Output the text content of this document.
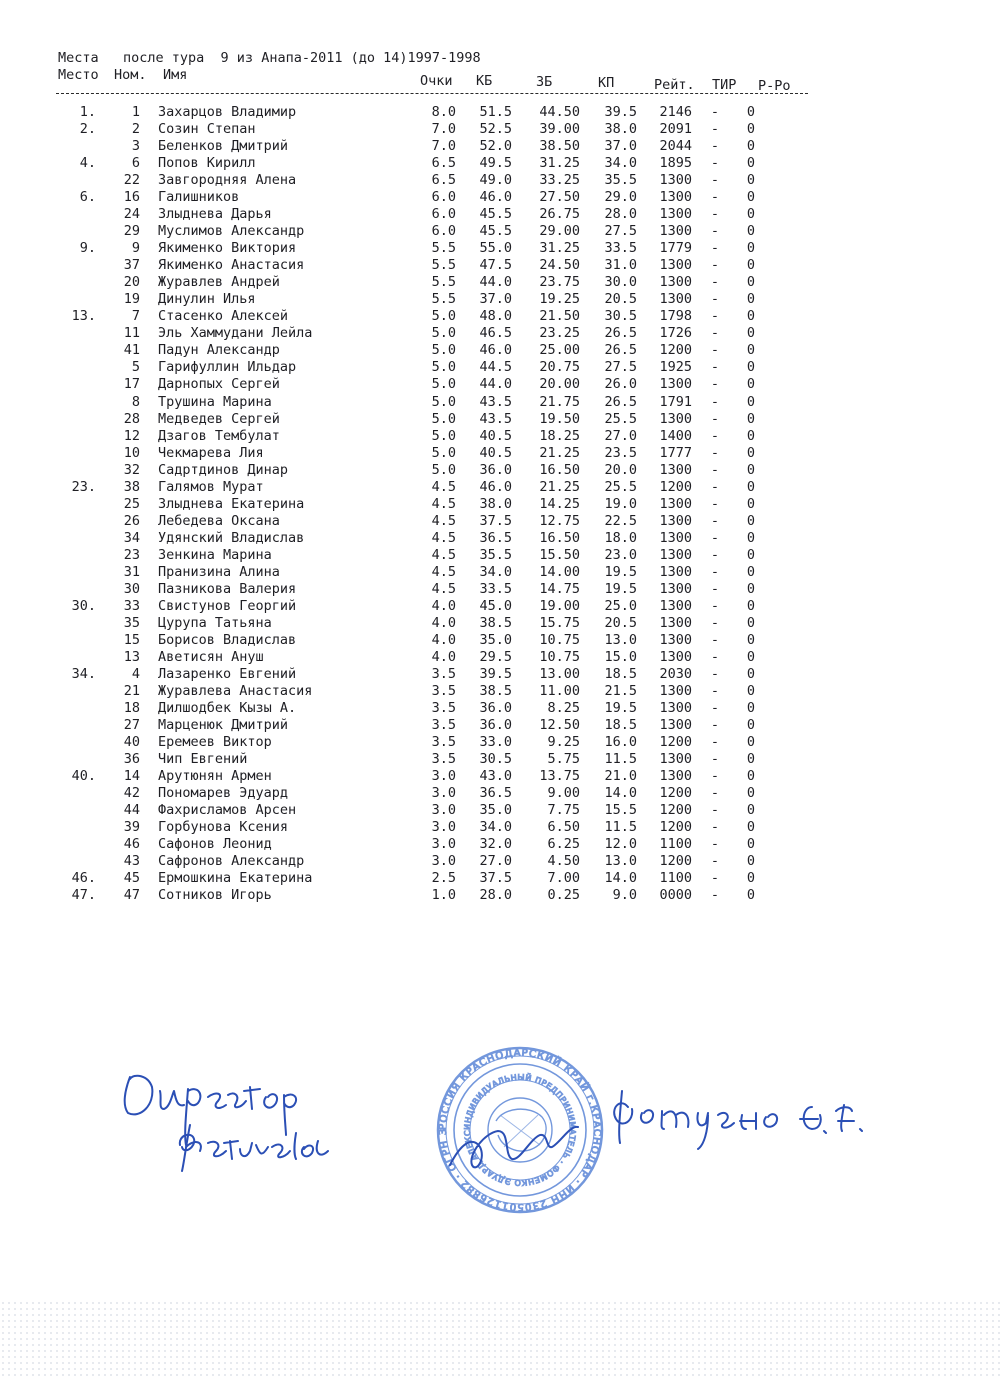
Места   после тура  9 из Анапа-2011 (до 14)1997-1998
Место Ном. Имя	Очки КБ	ЗБ	КП	Рейт. ТИР Р-Ро
1.	1 Захарцов Владимир	8.0	51.5	44.50	39.5	2146	-	0
2.	2 Созин Степан	7.0	52.5	39.00	38.0	2091	-	0
3 Беленков Дмитрий	7.0	52.0	38.50	37.0	2044	-	0
4.	6 Попов Кирилл	6.5	49.5	31.25	34.0	1895	-	0
22 Завгородняя Алена	6.5	49.0	33.25	35.5	1300	-	0
6.	16 Галишников	6.0	46.0	27.50	29.0	1300	-	0
24 Злыднева Дарья	6.0	45.5	26.75	28.0	1300	-	0
29 Муслимов Александр	6.0	45.5	29.00	27.5	1300	-	0
9.	9 Якименко Виктория	5.5	55.0	31.25	33.5	1779	-	0
37 Якименко Анастасия	5.5	47.5	24.50	31.0	1300	-	0
20 Журавлев Андрей	5.5	44.0	23.75	30.0	1300	-	0
19 Динулин Илья	5.5	37.0	19.25	20.5	1300	-	0
13.	7 Стасенко Алексей	5.0	48.0	21.50	30.5	1798	-	0
11 Эль Хаммудани Лейла	5.0	46.5	23.25	26.5	1726	-	0
41 Падун Александр	5.0	46.0	25.00	26.5	1200	-	0
5 Гарифуллин Ильдар	5.0	44.5	20.75	27.5	1925	-	0
17 Дарнопых Сергей	5.0	44.0	20.00	26.0	1300	-	0
8 Трушина Марина	5.0	43.5	21.75	26.5	1791	-	0
28 Медведев Сергей	5.0	43.5	19.50	25.5	1300	-	0
12 Дзагов Тембулат	5.0	40.5	18.25	27.0	1400	-	0
10 Чекмарева Лия	5.0	40.5	21.25	23.5	1777	-	0
32 Садртдинов Динар	5.0	36.0	16.50	20.0	1300	-	0
23.	38 Галямов Мурат	4.5	46.0	21.25	25.5	1200	-	0
25 Злыднева Екатерина	4.5	38.0	14.25	19.0	1300	-	0
26 Лебедева Оксана	4.5	37.5	12.75	22.5	1300	-	0
34 Удянский Владислав	4.5	36.5	16.50	18.0	1300	-	0
23 Зенкина Марина	4.5	35.5	15.50	23.0	1300	-	0
31 Пранизина Алина	4.5	34.0	14.00	19.5	1300	-	0
30 Пазникова Валерия	4.5	33.5	14.75	19.5	1300	-	0
30.	33 Свистунов Георгий	4.0	45.0	19.00	25.0	1300	-	0
35 Цурупа Татьяна	4.0	38.5	15.75	20.5	1300	-	0
15 Борисов Владислав	4.0	35.0	10.75	13.0	1300	-	0
13 Аветисян Ануш	4.0	29.5	10.75	15.0	1300	-	0
34.	4 Лазаренко Евгений	3.5	39.5	13.00	18.5	2030	-	0
21 Журавлева Анастасия	3.5	38.5	11.00	21.5	1300	-	0
18 Дилшодбек Кызы А.	3.5	36.0	8.25	19.5	1300	-	0
27 Марценюк Дмитрий	3.5	36.0	12.50	18.5	1300	-	0
40 Еремеев Виктор	3.5	33.0	9.25	16.0	1200	-	0
36 Чип Евгений	3.5	30.5	5.75	11.5	1300	-	0
40.	14 Арутюнян Армен	3.0	43.0	13.75	21.0	1300	-	0
42 Пономарев Эдуард	3.0	36.5	9.00	14.0	1200	-	0
44 Фахрисламов Арсен	3.0	35.0	7.75	15.5	1200	-	0
39 Горбунова Ксения	3.0	34.0	6.50	11.5	1200	-	0
46 Сафонов Леонид	3.0	32.0	6.25	12.0	1100	-	0
43 Сафронов Александр	3.0	27.0	4.50	13.0	1200	-	0
46.	45 Ермошкина Екатерина	2.5	37.5	7.00	14.0	1100	-	0
47.	47 Сотников Игорь	1.0	28.0	0.25	9.0	0000	-	0
РОССИЯ КРАСНОДАРСКИЙ КРАЙ г.КРАСНОДАР · ИНН 230501126882 · ОГРН 3
ИНДИВИДУАЛЬНЫЙ ПРЕДПРИНИМАТЕЛЬ · ФОМЕНКО ЭДУАРД АЛЕКС
